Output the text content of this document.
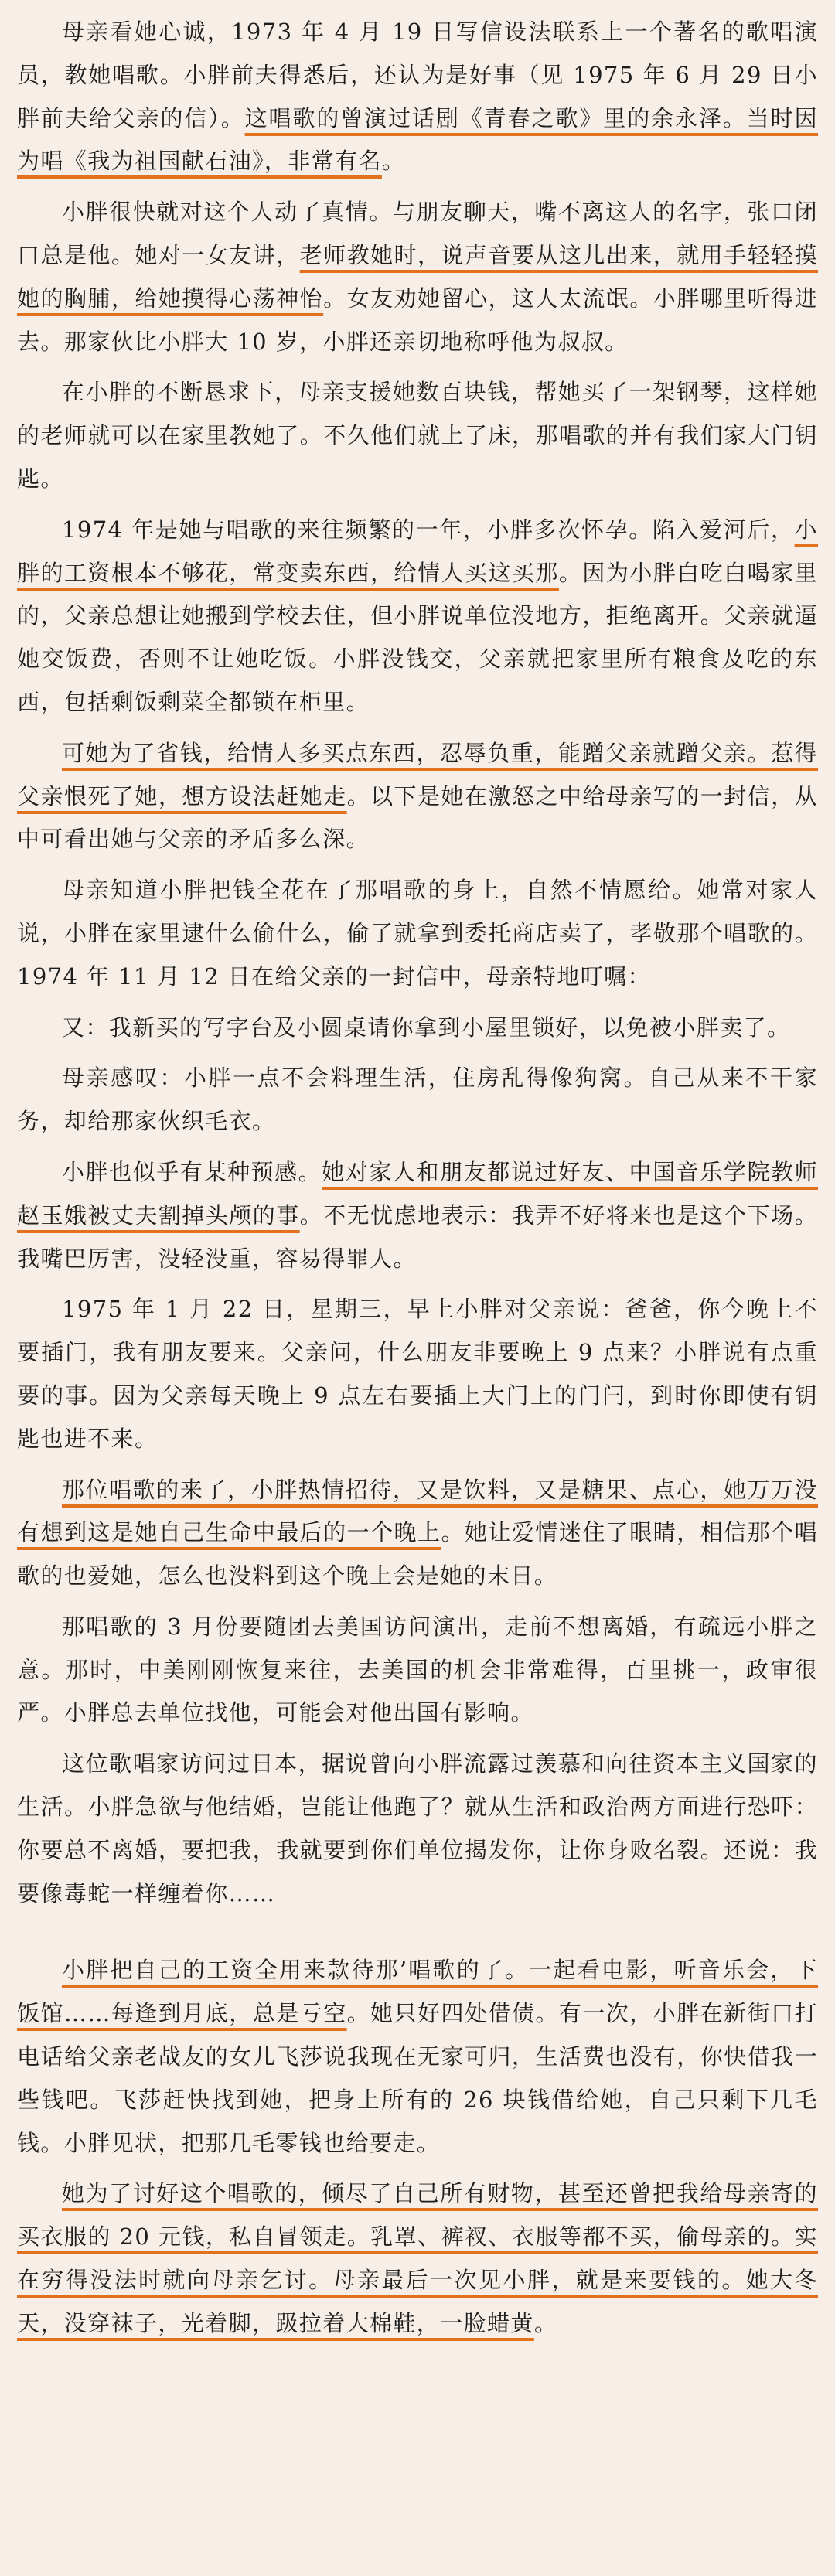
母亲看她心诚，1973 年 4 月 19 日写信设法联系上一个著名的歌唱演员，教她唱歌。小胖前夫得悉后，还认为是好事（见 1975 年 6 月 29 日小胖前夫给父亲的信）。这唱歌的曾演过话剧《青春之歌》里的余永泽。当时因为唱《我为祖国献石油》，非常有名。

小胖很快就对这个人动了真情。与朋友聊天，嘴不离这人的名字，张口闭口总是他。她对一女友讲，老师教她时，说声音要从这儿出来，就用手轻轻摸她的胸脯，给她摸得心荡神怡。女友劝她留心，这人太流氓。小胖哪里听得进去。那家伙比小胖大 10 岁，小胖还亲切地称呼他为叔叔。

在小胖的不断恳求下，母亲支援她数百块钱，帮她买了一架钢琴，这样她的老师就可以在家里教她了。不久他们就上了床，那唱歌的并有我们家大门钥匙。

1974 年是她与唱歌的来往频繁的一年，小胖多次怀孕。陷入爱河后，小胖的工资根本不够花，常变卖东西，给情人买这买那。因为小胖白吃白喝家里的，父亲总想让她搬到学校去住，但小胖说单位没地方，拒绝离开。父亲就逼她交饭费，否则不让她吃饭。小胖没钱交，父亲就把家里所有粮食及吃的东西，包括剩饭剩菜全都锁在柜里。

可她为了省钱，给情人多买点东西，忍辱负重，能蹭父亲就蹭父亲。惹得父亲恨死了她，想方设法赶她走。以下是她在激怒之中给母亲写的一封信，从中可看出她与父亲的矛盾多么深。

母亲知道小胖把钱全花在了那唱歌的身上，自然不情愿给。她常对家人说，小胖在家里逮什么偷什么，偷了就拿到委托商店卖了，孝敬那个唱歌的。1974 年 11 月 12 日在给父亲的一封信中，母亲特地叮嘱：

又：我新买的写字台及小圆桌请你拿到小屋里锁好，以免被小胖卖了。

母亲感叹：小胖一点不会料理生活，住房乱得像狗窝。自己从来不干家务，却给那家伙织毛衣。

小胖也似乎有某种预感。她对家人和朋友都说过好友、中国音乐学院教师赵玉娥被丈夫割掉头颅的事。不无忧虑地表示：我弄不好将来也是这个下场。我嘴巴厉害，没轻没重，容易得罪人。

1975 年 1 月 22 日，星期三，早上小胖对父亲说：爸爸，你今晚上不要插门，我有朋友要来。父亲问，什么朋友非要晚上 9 点来？小胖说有点重要的事。因为父亲每天晚上 9 点左右要插上大门上的门闩，到时你即使有钥匙也进不来。

那位唱歌的来了，小胖热情招待，又是饮料，又是糖果、点心，她万万没有想到这是她自己生命中最后的一个晚上。她让爱情迷住了眼睛，相信那个唱歌的也爱她，怎么也没料到这个晚上会是她的末日。

那唱歌的 3 月份要随团去美国访问演出，走前不想离婚，有疏远小胖之意。那时，中美刚刚恢复来往，去美国的机会非常难得，百里挑一，政审很严。小胖总去单位找他，可能会对他出国有影响。

这位歌唱家访问过日本，据说曾向小胖流露过羡慕和向往资本主义国家的生活。小胖急欲与他结婚，岂能让他跑了？就从生活和政治两方面进行恐吓：你要总不离婚，要把我，我就要到你们单位揭发你，让你身败名裂。还说：我要像毒蛇一样缠着你……

小胖把自己的工资全用来款待那’唱歌的了。一起看电影，听音乐会，下饭馆……每逢到月底，总是亏空。她只好四处借债。有一次，小胖在新街口打电话给父亲老战友的女儿飞莎说我现在无家可归，生活费也没有，你快借我一些钱吧。飞莎赶快找到她，把身上所有的 26 块钱借给她，自己只剩下几毛钱。小胖见状，把那几毛零钱也给要走。

她为了讨好这个唱歌的，倾尽了自己所有财物，甚至还曾把我给母亲寄的买衣服的 20 元钱，私自冒领走。乳罩、裤衩、衣服等都不买，偷母亲的。实在穷得没法时就向母亲乞讨。母亲最后一次见小胖，就是来要钱的。她大冬天，没穿袜子，光着脚，趿拉着大棉鞋，一脸蜡黄。
